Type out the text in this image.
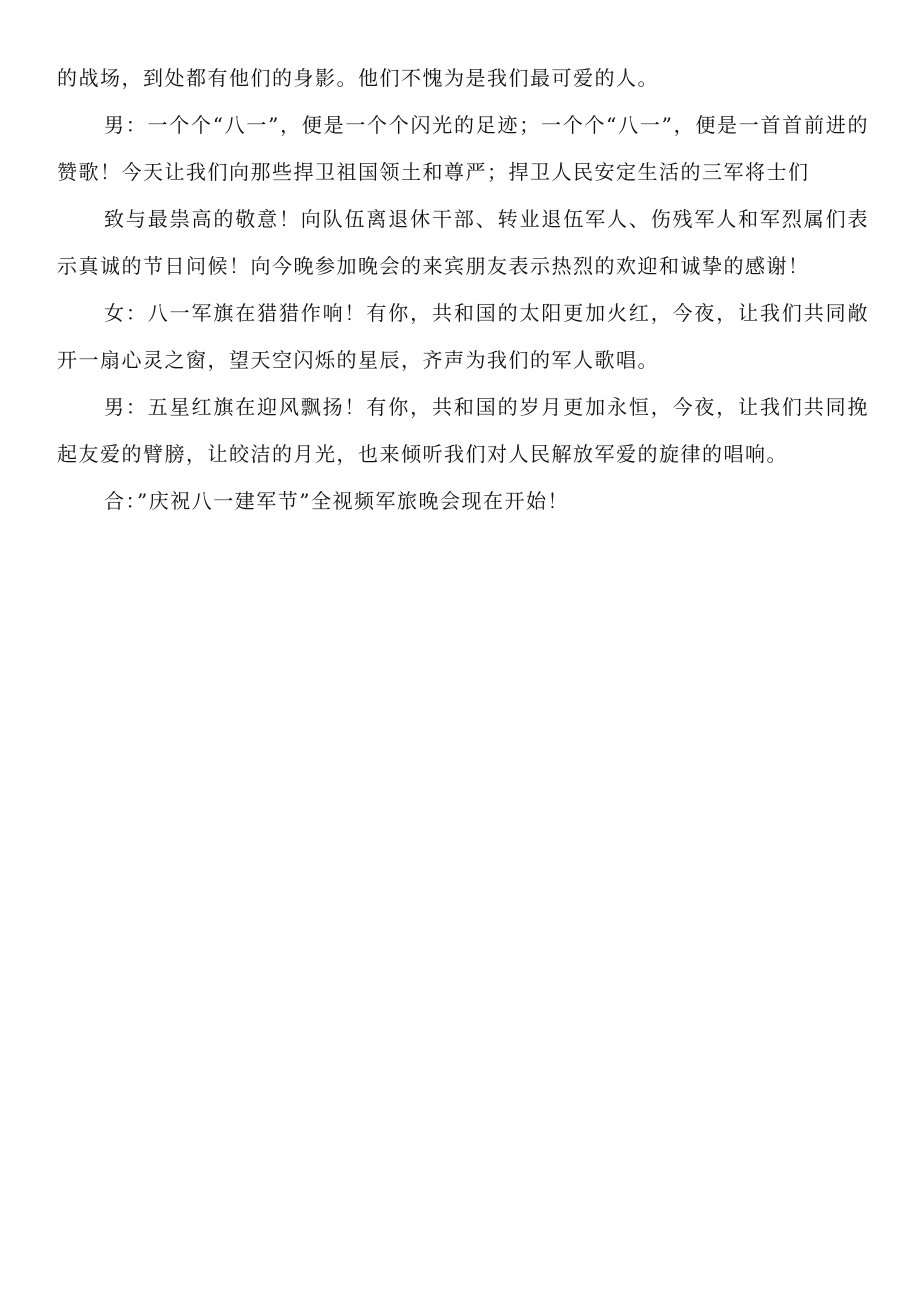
的战场，到处都有他们的身影。他们不愧为是我们最可爱的人。

男：一个个“八一”，便是一个个闪光的足迹；一个个“八一”，便是一首首前进的赞歌！今天让我们向那些捍卫祖国领土和尊严；捍卫人民安定生活的三军将士们

致与最祟高的敬意！向队伍离退休干部、转业退伍军人、伤残军人和军烈属们表示真诚的节日问候！向今晚参加晚会的来宾朋友表示热烈的欢迎和诚挚的感谢！

女：八一军旗在猎猎作响！有你，共和国的太阳更加火红，今夜，让我们共同敞开一扇心灵之窗，望天空闪烁的星辰，齐声为我们的军人歌唱。

男：五星红旗在迎风飘扬！有你，共和国的岁月更加永恒，今夜，让我们共同挽起友爱的臂膀，让皎洁的月光，也来倾听我们对人民解放军爱的旋律的唱响。

合：”庆祝八一建军节”全视频军旅晚会现在开始！
